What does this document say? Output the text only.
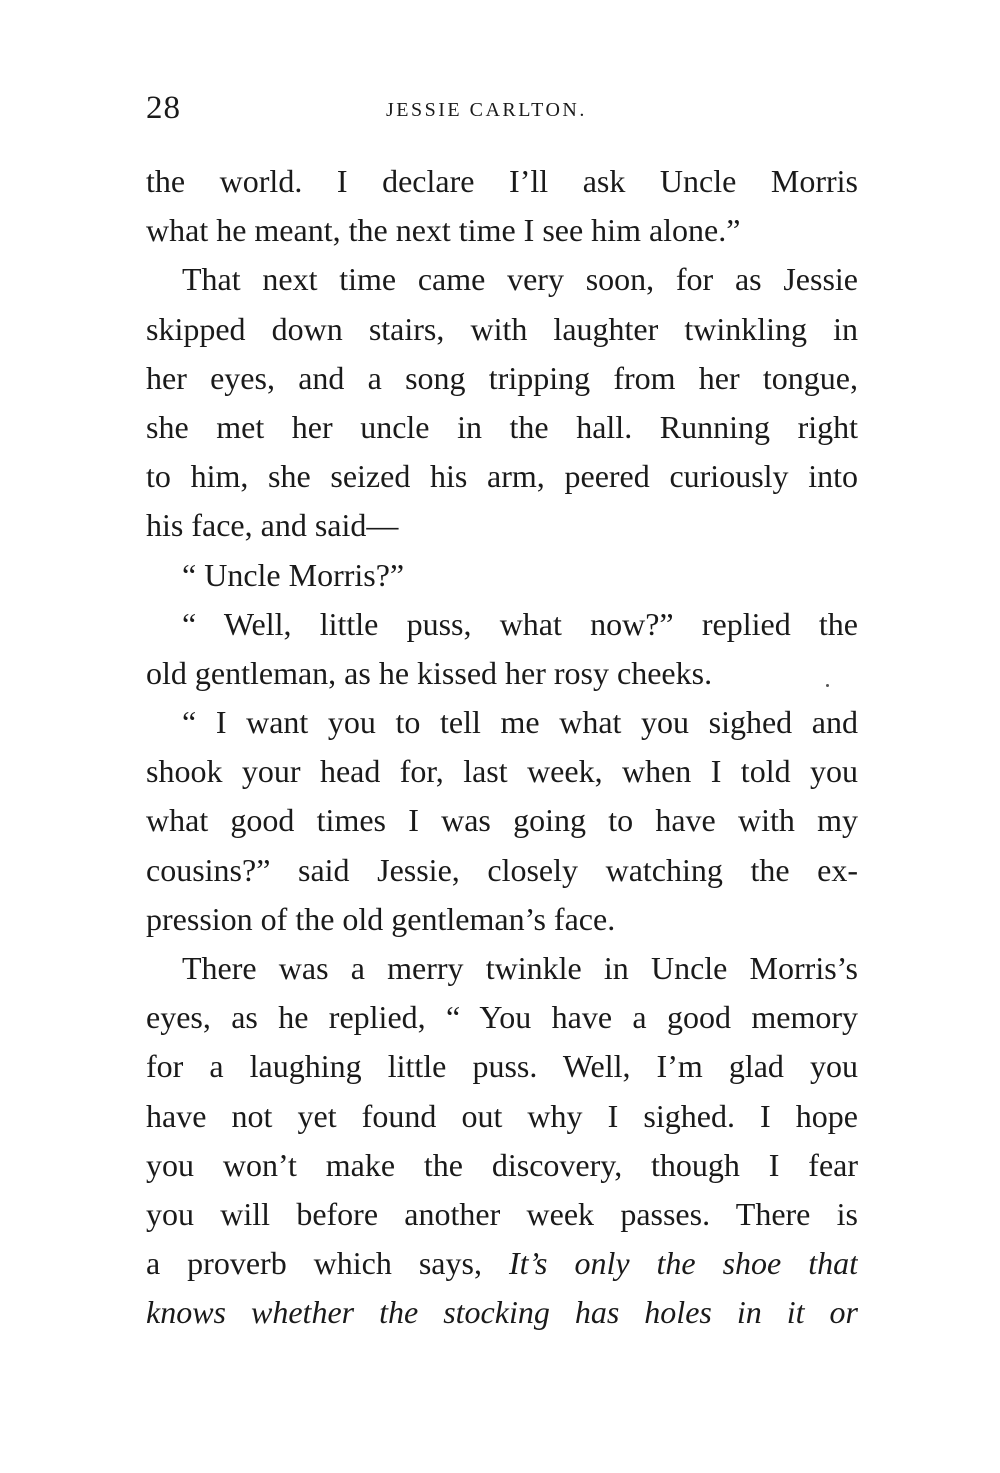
28	JESSIE CARLTON.
the world. I declare I’ll ask Uncle Morris
what he meant, the next time I see him alone.”
That next time came very soon, for as Jessie
skipped down stairs, with laughter twinkling in
her eyes, and a song tripping from her tongue,
she met her uncle in the hall. Running right
to him, she seized his arm, peered curiously into
his face, and said—
“ Uncle Morris?”
“ Well, little puss, what now?” replied the
old gentleman, as he kissed her rosy cheeks.
“ I want you to tell me what you sighed and
shook your head for, last week, when I told you
what good times I was going to have with my
cousins?” said Jessie, closely watching the ex-
pression of the old gentleman’s face.
There was a merry twinkle in Uncle Morris’s
eyes, as he replied, “ You have a good memory
for a laughing little puss. Well, I’m glad you
have not yet found out why I sighed. I hope
you won’t make the discovery, though I fear
you will before another week passes. There is
a proverb which says, It’s only the shoe that
knows whether the stocking has holes in it or
